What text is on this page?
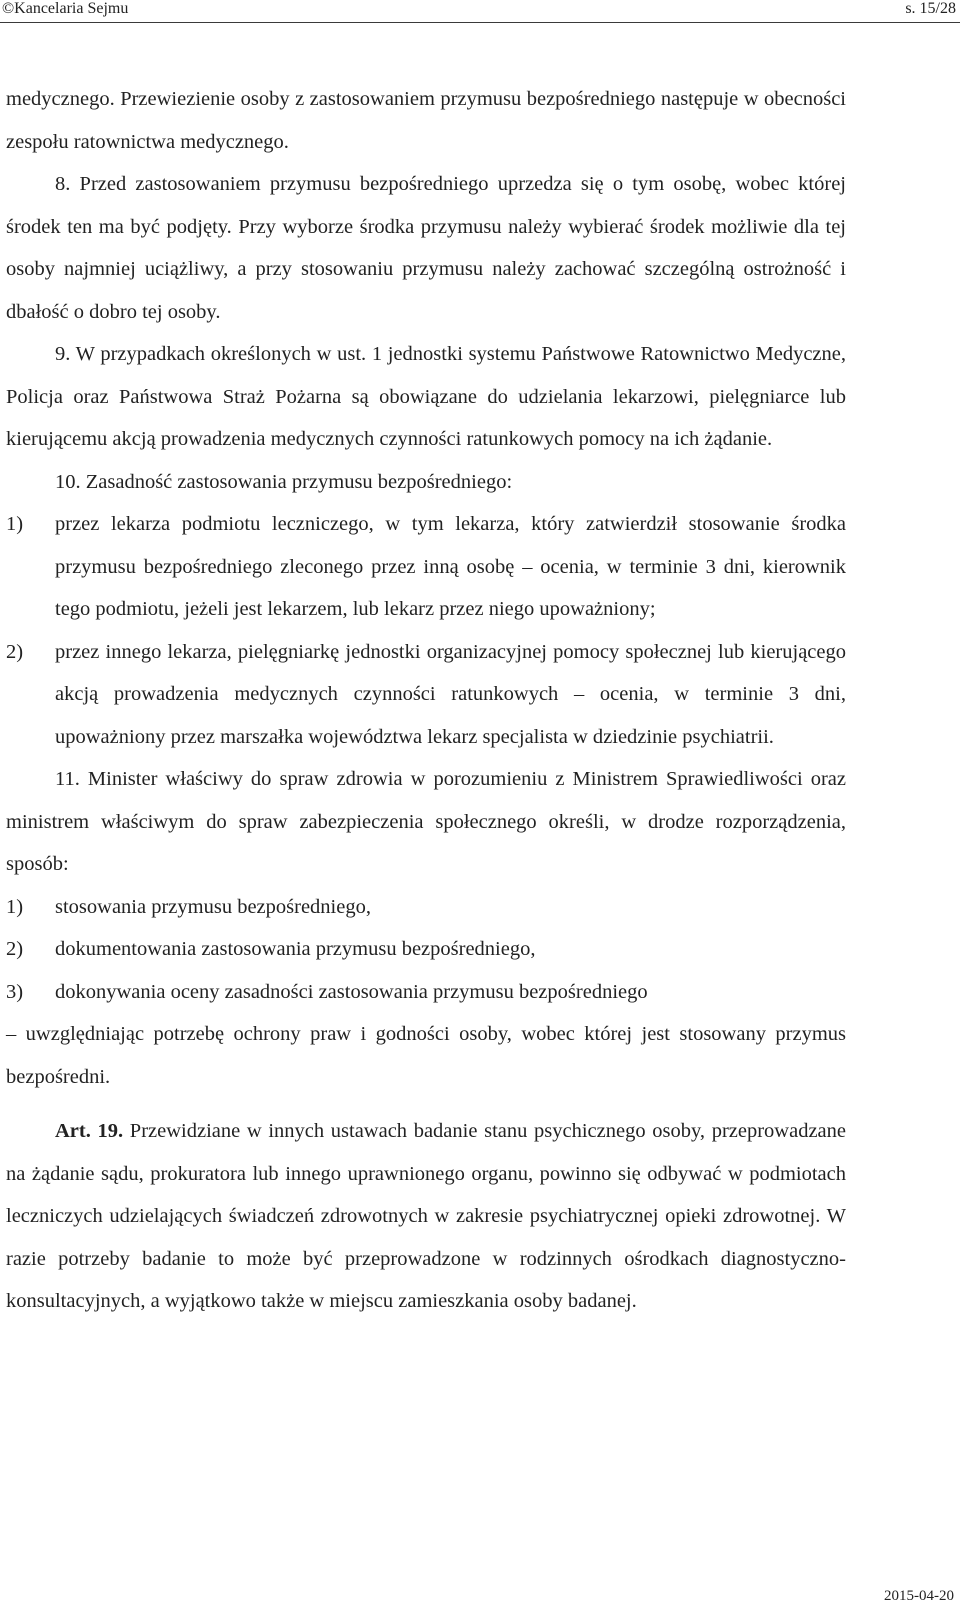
©Kancelaria Sejmu	s. 15/28

medycznego. Przewiezienie osoby z zastosowaniem przymusu bezpośredniego następuje w obecności zespołu ratownictwa medycznego.

8. Przed zastosowaniem przymusu bezpośredniego uprzedza się o tym osobę, wobec której środek ten ma być podjęty. Przy wyborze środka przymusu należy wybierać środek możliwie dla tej osoby najmniej uciążliwy, a przy stosowaniu przymusu należy zachować szczególną ostrożność i dbałość o dobro tej osoby.

9. W przypadkach określonych w ust. 1 jednostki systemu Państwowe Ratownictwo Medyczne, Policja oraz Państwowa Straż Pożarna są obowiązane do udzielania lekarzowi, pielęgniarce lub kierującemu akcją prowadzenia medycznych czynności ratunkowych pomocy na ich żądanie.

10. Zasadność zastosowania przymusu bezpośredniego:

1) przez lekarza podmiotu leczniczego, w tym lekarza, który zatwierdził stosowanie środka przymusu bezpośredniego zleconego przez inną osobę – ocenia, w terminie 3 dni, kierownik tego podmiotu, jeżeli jest lekarzem, lub lekarz przez niego upoważniony;
2) przez innego lekarza, pielęgniarkę jednostki organizacyjnej pomocy społecznej lub kierującego akcją prowadzenia medycznych czynności ratunkowych – ocenia, w terminie 3 dni, upoważniony przez marszałka województwa lekarz specjalista w dziedzinie psychiatrii.

11. Minister właściwy do spraw zdrowia w porozumieniu z Ministrem Sprawiedliwości oraz ministrem właściwym do spraw zabezpieczenia społecznego określi, w drodze rozporządzenia, sposób:

1) stosowania przymusu bezpośredniego,
2) dokumentowania zastosowania przymusu bezpośredniego,
3) dokonywania oceny zasadności zastosowania przymusu bezpośredniego

– uwzględniając potrzebę ochrony praw i godności osoby, wobec której jest stosowany przymus bezpośredni.

Art. 19. Przewidziane w innych ustawach badanie stanu psychicznego osoby, przeprowadzane na żądanie sądu, prokuratora lub innego uprawnionego organu, powinno się odbywać w podmiotach leczniczych udzielających świadczeń zdrowotnych w zakresie psychiatrycznej opieki zdrowotnej. W razie potrzeby badanie to może być przeprowadzone w rodzinnych ośrodkach diagnostyczno-konsultacyjnych, a wyjątkowo także w miejscu zamieszkania osoby badanej.

2015-04-20
